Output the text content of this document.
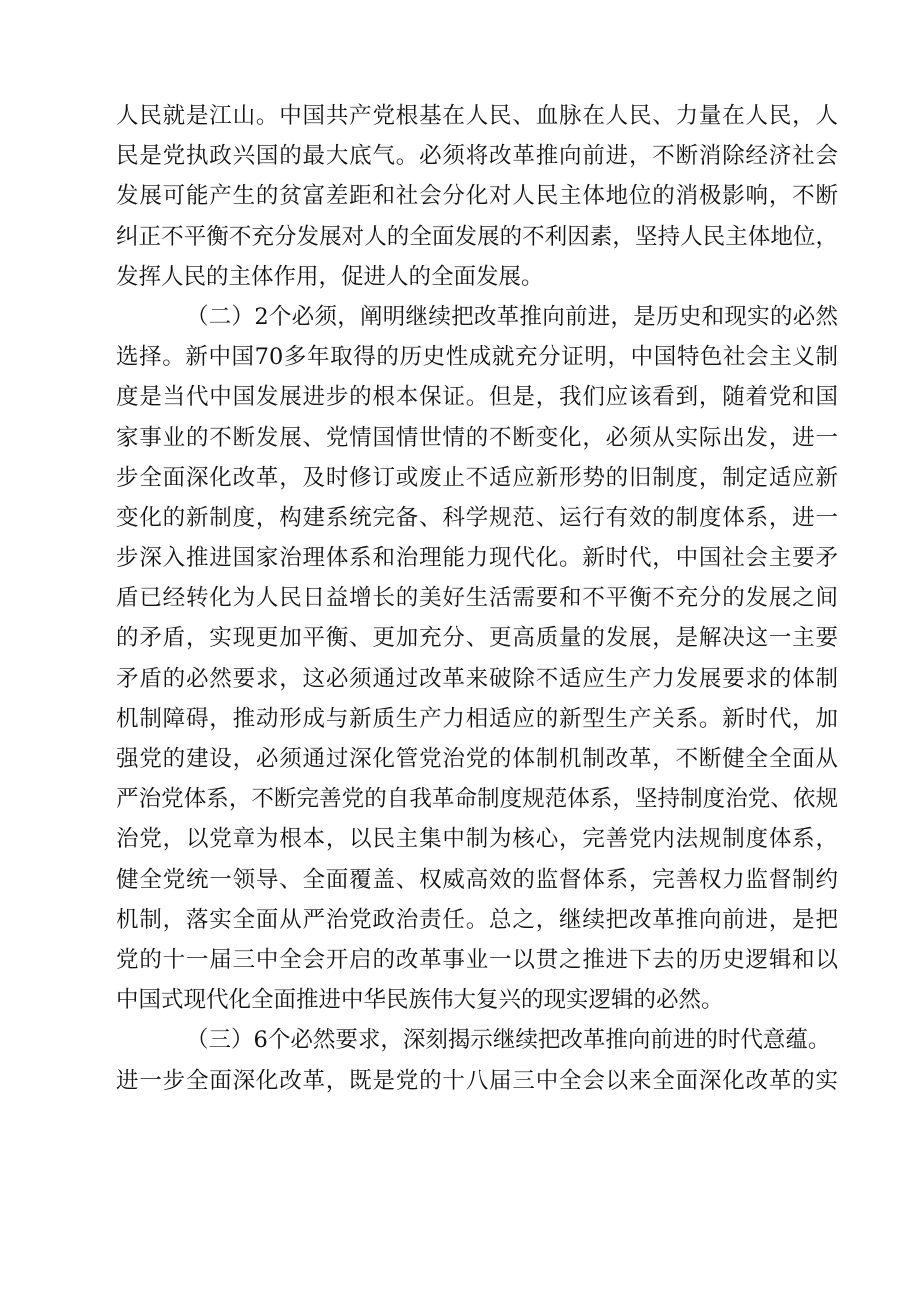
人民就是江山。中国共产党根基在人民、血脉在人民、力量在人民，人
民是党执政兴国的最大底气。必须将改革推向前进，不断消除经济社会
发展可能产生的贫富差距和社会分化对人民主体地位的消极影响，不断
纠正不平衡不充分发展对人的全面发展的不利因素，坚持人民主体地位，
发挥人民的主体作用，促进人的全面发展。
（二）2个必须，阐明继续把改革推向前进，是历史和现实的必然
选择。新中国70多年取得的历史性成就充分证明，中国特色社会主义制
度是当代中国发展进步的根本保证。但是，我们应该看到，随着党和国
家事业的不断发展、党情国情世情的不断变化，必须从实际出发，进一
步全面深化改革，及时修订或废止不适应新形势的旧制度，制定适应新
变化的新制度，构建系统完备、科学规范、运行有效的制度体系，进一
步深入推进国家治理体系和治理能力现代化。新时代，中国社会主要矛
盾已经转化为人民日益增长的美好生活需要和不平衡不充分的发展之间
的矛盾，实现更加平衡、更加充分、更高质量的发展，是解决这一主要
矛盾的必然要求，这必须通过改革来破除不适应生产力发展要求的体制
机制障碍，推动形成与新质生产力相适应的新型生产关系。新时代，加
强党的建设，必须通过深化管党治党的体制机制改革，不断健全全面从
严治党体系，不断完善党的自我革命制度规范体系，坚持制度治党、依规
治党，以党章为根本，以民主集中制为核心，完善党内法规制度体系，
健全党统一领导、全面覆盖、权威高效的监督体系，完善权力监督制约
机制，落实全面从严治党政治责任。总之，继续把改革推向前进，是把
党的十一届三中全会开启的改革事业一以贯之推进下去的历史逻辑和以
中国式现代化全面推进中华民族伟大复兴的现实逻辑的必然。
（三）6个必然要求，深刻揭示继续把改革推向前进的时代意蕴。
进一步全面深化改革，既是党的十八届三中全会以来全面深化改革的实
